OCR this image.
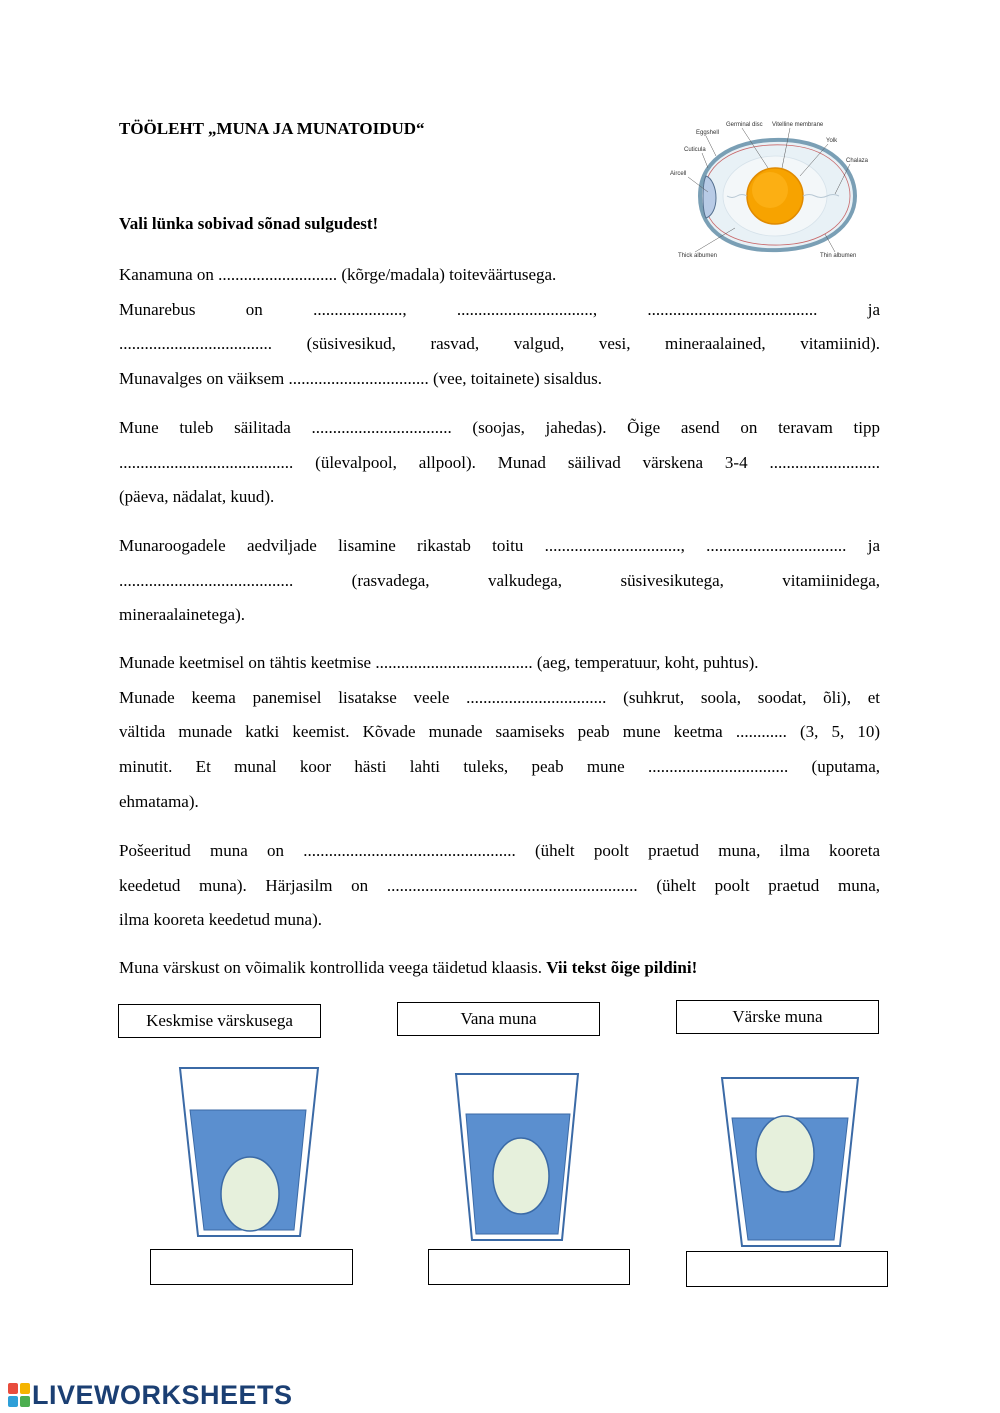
TÖÖLEHT „MUNA JA MUNATOIDUD“	Eggshell
Germinal disc Vitelline membrane
Cuticula
Yolk
Chalaza
Aircell
Thick albumen	Thin albumen
Vali lünka sobivad sõnad sulgudest!
Kanamuna on ............................ (kõrge/madala) toiteväärtusega.
Munarebus on ....................., ................................, ........................................ ja
.................................... (süsivesikud, rasvad, valgud, vesi, mineraalained, vitamiinid).
Munavalges on väiksem ................................. (vee, toitainete) sisaldus.
Mune tuleb säilitada ................................. (soojas, jahedas). Õige asend on teravam tipp
......................................... (ülevalpool, allpool). Munad säilivad värskena 3-4 ..........................
(päeva, nädalat, kuud).
Munaroogadele aedviljade lisamine rikastab toitu ................................, ................................. ja
......................................... (rasvadega, valkudega, süsivesikutega, vitamiinidega,
mineraalainetega).
Munade keetmisel on tähtis keetmise ..................................... (aeg, temperatuur, koht, puhtus).
Munade keema panemisel lisatakse veele ................................. (suhkrut, soola, soodat, õli), et
vältida munade katki keemist. Kõvade munade saamiseks peab mune keetma ............ (3, 5, 10)
minutit. Et munal koor hästi lahti tuleks, peab mune ................................. (uputama,
ehmatama).
Pošeeritud muna on .................................................. (ühelt poolt praetud muna, ilma kooreta
keedetud muna). Härjasilm on ........................................................... (ühelt poolt praetud muna,
ilma kooreta keedetud muna).
Muna värskust on võimalik kontrollida veega täidetud klaasis. Vii tekst õige pildini!
Keskmise värskusega	Vana muna	Värske muna
LIVEWORKSHEETS
